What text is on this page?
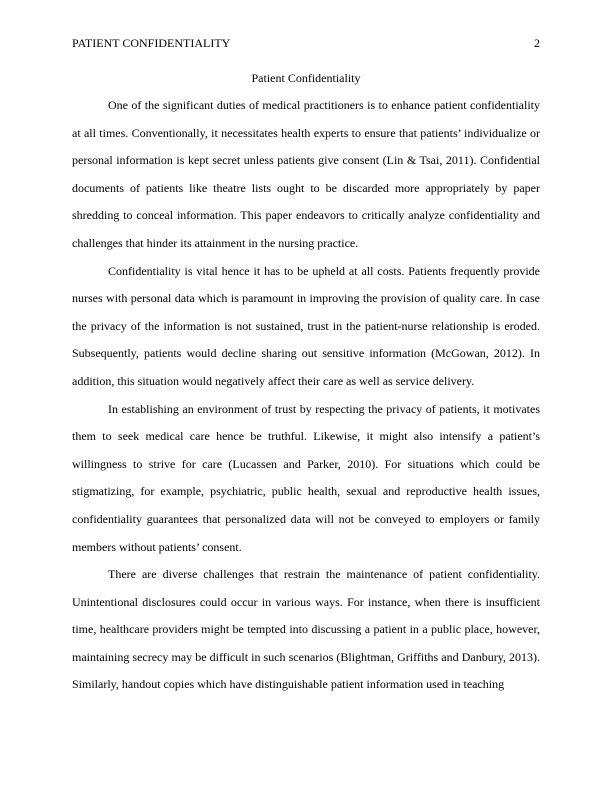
PATIENT CONFIDENTIALITY	2
Patient Confidentiality

One of the significant duties of medical practitioners is to enhance patient confidentiality at all times. Conventionally, it necessitates health experts to ensure that patients’ individualize or personal information is kept secret unless patients give consent (Lin & Tsai, 2011). Confidential documents of patients like theatre lists ought to be discarded more appropriately by paper shredding to conceal information. This paper endeavors to critically analyze confidentiality and challenges that hinder its attainment in the nursing practice.

Confidentiality is vital hence it has to be upheld at all costs. Patients frequently provide nurses with personal data which is paramount in improving the provision of quality care. In case the privacy of the information is not sustained, trust in the patient-nurse relationship is eroded. Subsequently, patients would decline sharing out sensitive information (McGowan, 2012). In addition, this situation would negatively affect their care as well as service delivery.

In establishing an environment of trust by respecting the privacy of patients, it motivates them to seek medical care hence be truthful. Likewise, it might also intensify a patient’s willingness to strive for care (Lucassen and Parker, 2010). For situations which could be stigmatizing, for example, psychiatric, public health, sexual and reproductive health issues, confidentiality guarantees that personalized data will not be conveyed to employers or family members without patients’ consent.

There are diverse challenges that restrain the maintenance of patient confidentiality. Unintentional disclosures could occur in various ways. For instance, when there is insufficient time, healthcare providers might be tempted into discussing a patient in a public place, however, maintaining secrecy may be difficult in such scenarios (Blightman, Griffiths and Danbury, 2013). Similarly, handout copies which have distinguishable patient information used in teaching
